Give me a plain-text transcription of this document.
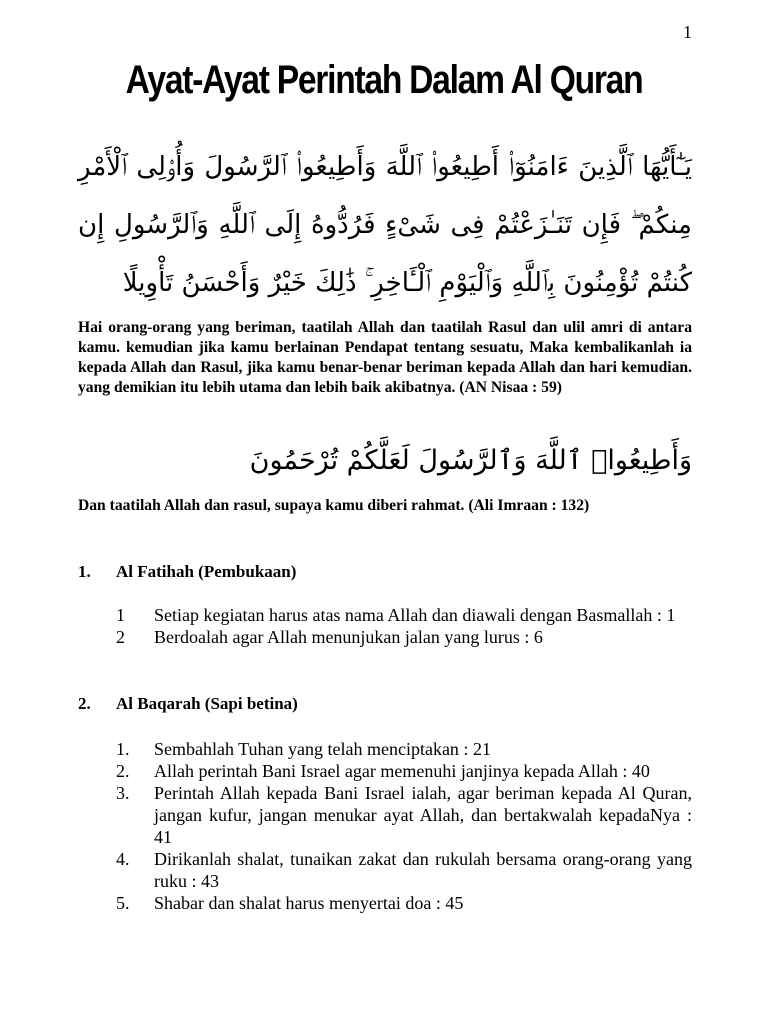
1
Ayat-Ayat Perintah Dalam Al Quran

يَـٰٓأَيُّهَا ٱلَّذِينَ ءَامَنُوٓا۟ أَطِيعُوا۟ ٱللَّهَ وَأَطِيعُوا۟ ٱلرَّسُولَ وَأُو۟لِى ٱلْأَمْرِ مِنكُمْ ۖ فَإِن تَنَـٰزَعْتُمْ فِى شَىْءٍ فَرُدُّوهُ إِلَى ٱللَّهِ وَٱلرَّسُولِ إِن كُنتُمْ تُؤْمِنُونَ بِٱللَّهِ وَٱلْيَوْمِ ٱلْـَٔاخِرِ ۚ ذَٰلِكَ خَيْرٌ وَأَحْسَنُ تَأْوِيلًا

Hai orang-orang yang beriman, taatilah Allah dan taatilah Rasul dan ulil amri di antara kamu. kemudian jika kamu berlainan Pendapat tentang sesuatu, Maka kembalikanlah ia kepada Allah dan Rasul, jika kamu benar-benar beriman kepada Allah dan hari kemudian. yang demikian itu lebih utama dan lebih baik akibatnya. (AN Nisaa : 59)

وَأَطِيعُوا۟ ٱللَّهَ وَٱلرَّسُولَ لَعَلَّكُمْ تُرْحَمُونَ

Dan taatilah Allah dan rasul, supaya kamu diberi rahmat. (Ali Imraan : 132)

1. Al Fatihah (Pembukaan)
1	Setiap kegiatan harus atas nama Allah dan diawali dengan Basmallah : 1
2	Berdoalah agar Allah menunjukan jalan yang lurus : 6
2. Al Baqarah (Sapi betina)
1.	Sembahlah Tuhan yang telah menciptakan : 21
2.	Allah perintah Bani Israel agar memenuhi janjinya kepada Allah : 40
3.	Perintah Allah kepada Bani Israel ialah, agar beriman kepada Al Quran, jangan kufur, jangan menukar ayat Allah, dan bertakwalah kepadaNya : 41
4.	Dirikanlah shalat, tunaikan zakat dan rukulah bersama orang-orang yang ruku : 43
5.	Shabar dan shalat harus menyertai doa : 45
